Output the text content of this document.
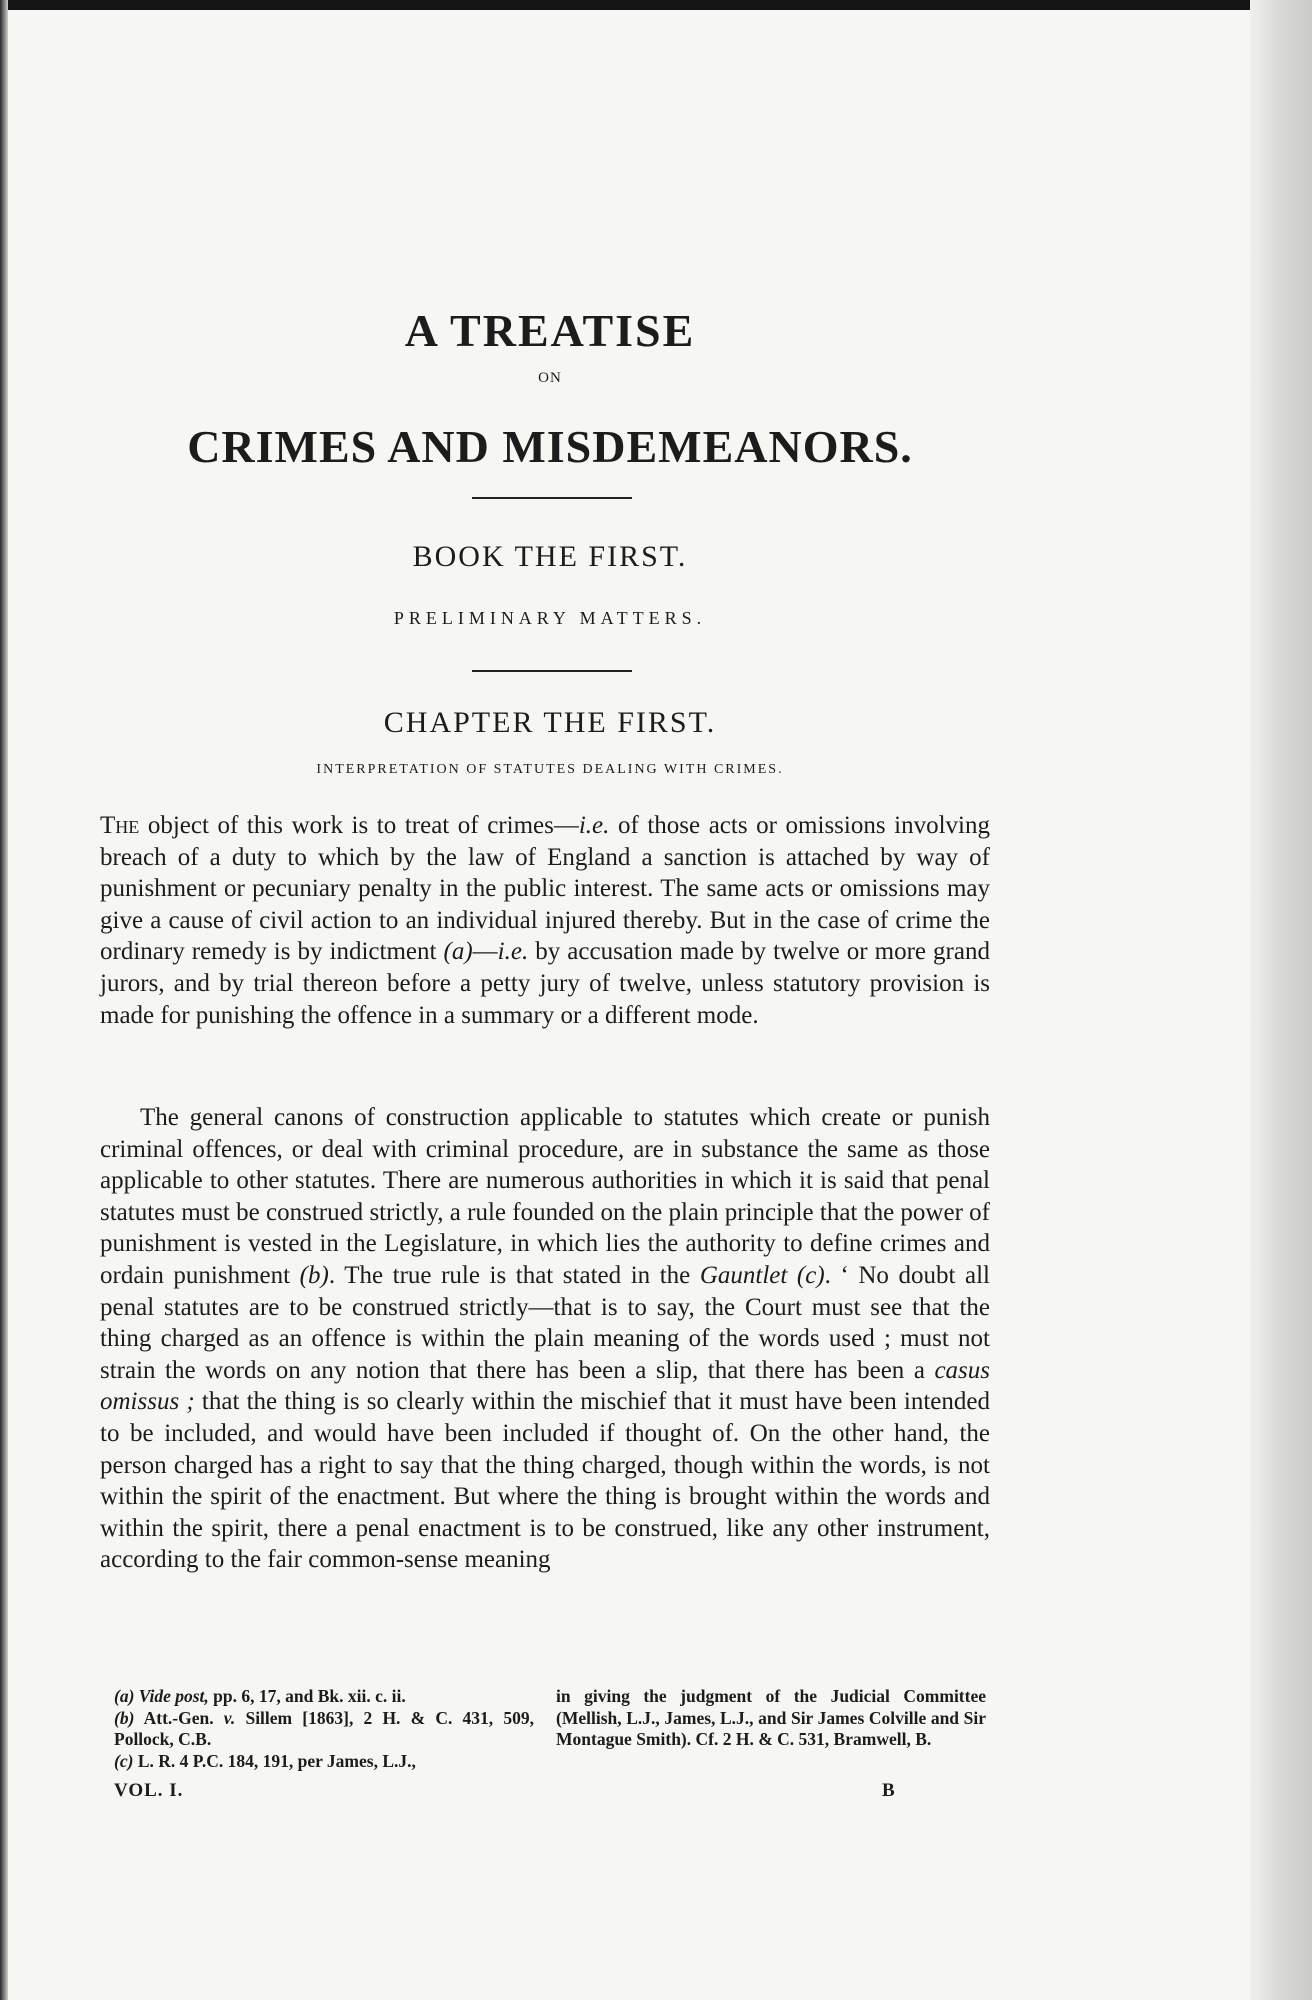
A TREATISE
ON
CRIMES AND MISDEMEANORS.
BOOK THE FIRST.
PRELIMINARY MATTERS.
CHAPTER THE FIRST.
INTERPRETATION OF STATUTES DEALING WITH CRIMES.

The object of this work is to treat of crimes—i.e. of those acts or omissions involving breach of a duty to which by the law of England a sanction is attached by way of punishment or pecuniary penalty in the public interest. The same acts or omissions may give a cause of civil action to an individual injured thereby. But in the case of crime the ordinary remedy is by indictment (a)—i.e. by accusation made by twelve or more grand jurors, and by trial thereon before a petty jury of twelve, unless statutory provision is made for punishing the offence in a summary or a different mode.

The general canons of construction applicable to statutes which create or punish criminal offences, or deal with criminal procedure, are in substance the same as those applicable to other statutes. There are numerous authorities in which it is said that penal statutes must be construed strictly, a rule founded on the plain principle that the power of punishment is vested in the Legislature, in which lies the authority to define crimes and ordain punishment (b). The true rule is that stated in the Gauntlet (c). ‘ No doubt all penal statutes are to be construed strictly—that is to say, the Court must see that the thing charged as an offence is within the plain meaning of the words used ; must not strain the words on any notion that there has been a slip, that there has been a casus omissus ; that the thing is so clearly within the mischief that it must have been intended to be included, and would have been included if thought of. On the other hand, the person charged has a right to say that the thing charged, though within the words, is not within the spirit of the enactment. But where the thing is brought within the words and within the spirit, there a penal enactment is to be construed, like any other instrument, according to the fair common-sense meaning

(a) Vide post, pp. 6, 17, and Bk. xii. c. ii.
(b) Att.-Gen. v. Sillem [1863], 2 H. & C. 431, 509, Pollock, C.B.
(c) L. R. 4 P.C. 184, 191, per James, L.J.,
in giving the judgment of the Judicial Committee (Mellish, L.J., James, L.J., and Sir James Colville and Sir Montague Smith). Cf. 2 H. & C. 531, Bramwell, B.
VOL. I.	B
